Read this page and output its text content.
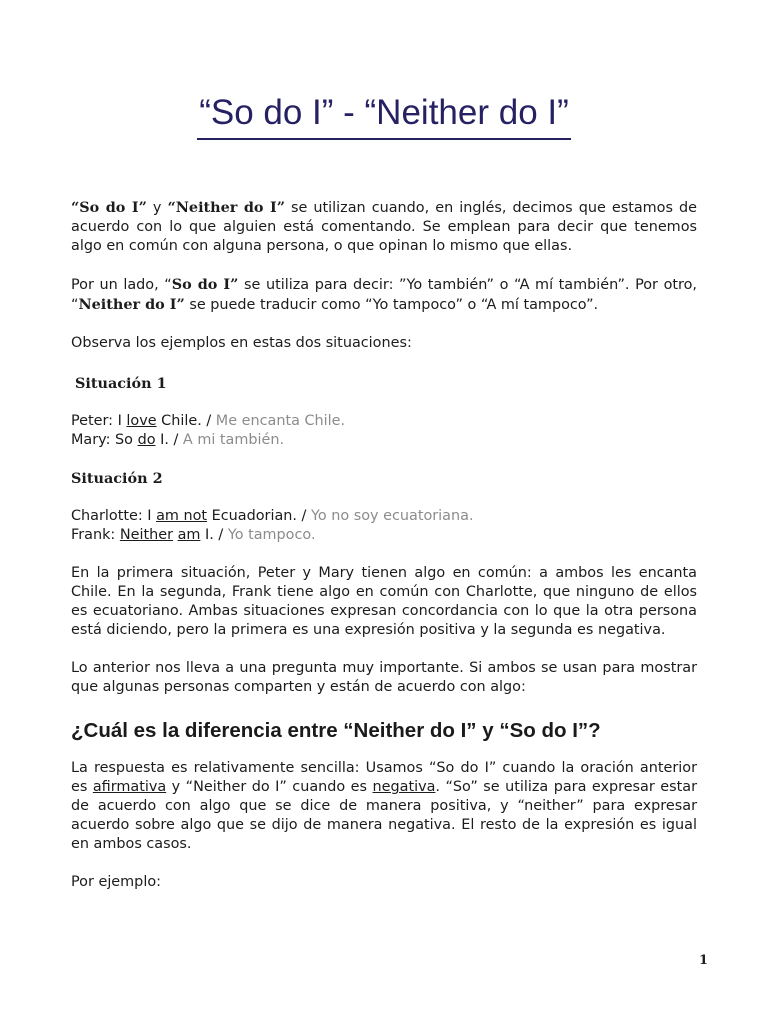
“So do I” - “Neither do I”

“So do I” y “Neither do I” se utilizan cuando, en inglés, decimos que estamos de acuerdo con lo que alguien está comentando. Se emplean para decir que tenemos algo en común con alguna persona, o que opinan lo mismo que ellas.

Por un lado, “So do I” se utiliza para decir: ”Yo también” o “A mí también”. Por otro, “Neither do I” se puede traducir como “Yo tampoco” o “A mí tampoco”.

Observa los ejemplos en estas dos situaciones:

Situación 1

Peter: I love Chile. / Me encanta Chile.

Mary: So do I. / A mi también.

Situación 2

Charlotte: I am not Ecuadorian. / Yo no soy ecuatoriana.

Frank: Neither am I. / Yo tampoco.

En la primera situación, Peter y Mary tienen algo en común: a ambos les encanta Chile. En la segunda, Frank tiene algo en común con Charlotte, que ninguno de ellos es ecuatoriano. Ambas situaciones expresan concordancia con lo que la otra persona está diciendo, pero la primera es una expresión positiva y la segunda es negativa.

Lo anterior nos lleva a una pregunta muy importante. Si ambos se usan para mostrar que algunas personas comparten y están de acuerdo con algo:

¿Cuál es la diferencia entre “Neither do I” y “So do I”?

La respuesta es relativamente sencilla: Usamos “So do I” cuando la oración anterior es afirmativa y “Neither do I” cuando es negativa. “So” se utiliza para expresar estar de acuerdo con algo que se dice de manera positiva, y “neither” para expresar acuerdo sobre algo que se dijo de manera negativa. El resto de la expresión es igual en ambos casos.

Por ejemplo:

1
